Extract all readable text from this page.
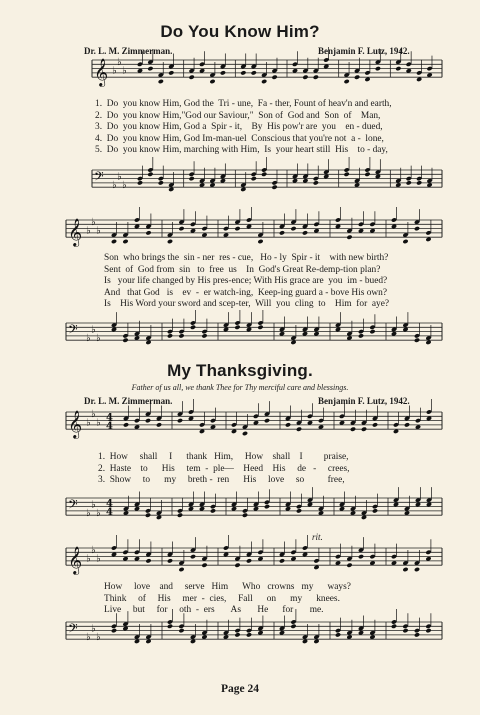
Do You Know Him?
Dr. L. M. Zimmerman.	Benjamin F. Lutz, 1942.
𝄞 ♭
♭
♭
1.  Do  you know Him, God the  Tri - une,  Fa - ther, Fount of heav'n and earth,
2.  Do  you know Him,"God our Saviour,"  Son of  God and  Son  of    Man,
3.  Do  you know Him, God a  Spir - it,    By  His pow'r are  you    en - dued,
4.  Do  you know Him, God Im-man-uel  Conscious that you're not  a -  lone,
5.  Do  you know Him, marching with Him,  Is  your heart still  His    to - day,
𝄢 ♭
♭
♭
𝄞 ♭
♭
♭
Son  who brings the  sin - ner  res - cue,   Ho - ly  Spir - it    with new birth?
Sent  of  God from  sin   to  free  us    In  God's Great Re-demp-tion plan?
Is   your life changed by His pres-ence; With His grace are  you  im - bued?
And   that God   is    ev  -  er watch-ing,  Keep-ing guard a - bove His own?
Is    His Word your sword and scep-ter,  Will  you  cling  to    Him  for  aye?
𝄢 ♭
♭
♭
My Thanksgiving.
Father of us all, we thank Thee for Thy merciful care and blessings.
Dr. L. M. Zimmerman.	Benjamin F. Lutz, 1942.
𝄞 ♭
♭
♭ 4
4
1.  How     shall     I      thank   Him,     How    shall    I         praise,
2.  Haste    to      His     tem  -  ple—    Heed    His     de   -     crees,
3.  Show     to      my     breth -  ren      His     love     so          free,
𝄢 ♭
♭
♭
4
4
rit.
𝄞 ♭
♭
♭
How     love    and     serve   Him      Who   crowns   my      ways?
Think     of     His     mer  -  cies,     Fall      on      my      knees.
Live     but     for     oth  -  ers       As       He      for       me.
𝄢 ♭
♭
♭
Page 24
